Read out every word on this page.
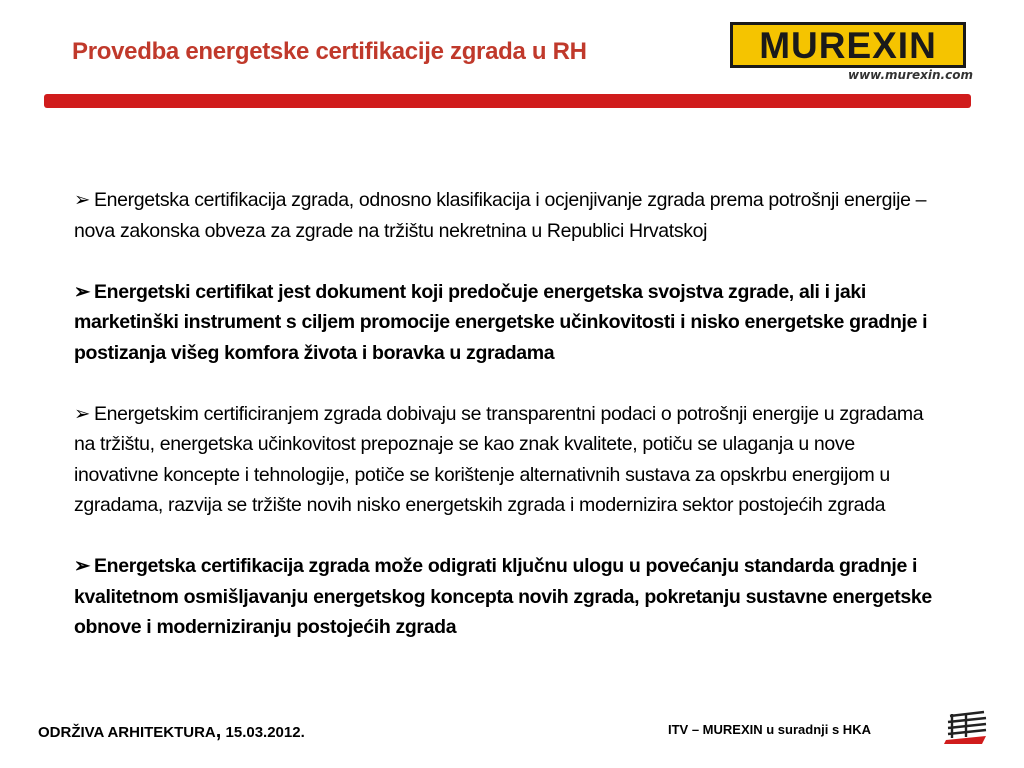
Provedba energetske certifikacije zgrada u RH	MUREXIN
www.murexin.com
➢ Energetska certifikacija zgrada, odnosno klasifikacija i ocjenjivanje zgrada prema potrošnji energije – nova zakonska obveza za zgrade na tržištu nekretnina u Republici Hrvatskoj
➢ Energetski certifikat jest dokument koji predočuje energetska svojstva zgrade, ali i jaki marketinški instrument s ciljem promocije energetske učinkovitosti i nisko energetske gradnje i postizanja višeg komfora života i boravka u zgradama
➢ Energetskim certificiranjem zgrada dobivaju se transparentni podaci o potrošnji energije u zgradama na tržištu, energetska učinkovitost prepoznaje se kao znak kvalitete, potiču se ulaganja u nove inovativne koncepte i tehnologije, potiče se korištenje alternativnih sustava za opskrbu energijom u zgradama, razvija se tržište novih nisko energetskih zgrada i modernizira sektor postojećih zgrada
➢ Energetska certifikacija zgrada može odigrati ključnu ulogu u povećanju standarda gradnje i kvalitetnom osmišljavanju energetskog koncepta novih zgrada, pokretanju sustavne energetske obnove i moderniziranju postojećih zgrada
ODRŽIVA ARHITEKTURA, 15.03.2012.	ITV – MUREXIN u suradnji s HKA
